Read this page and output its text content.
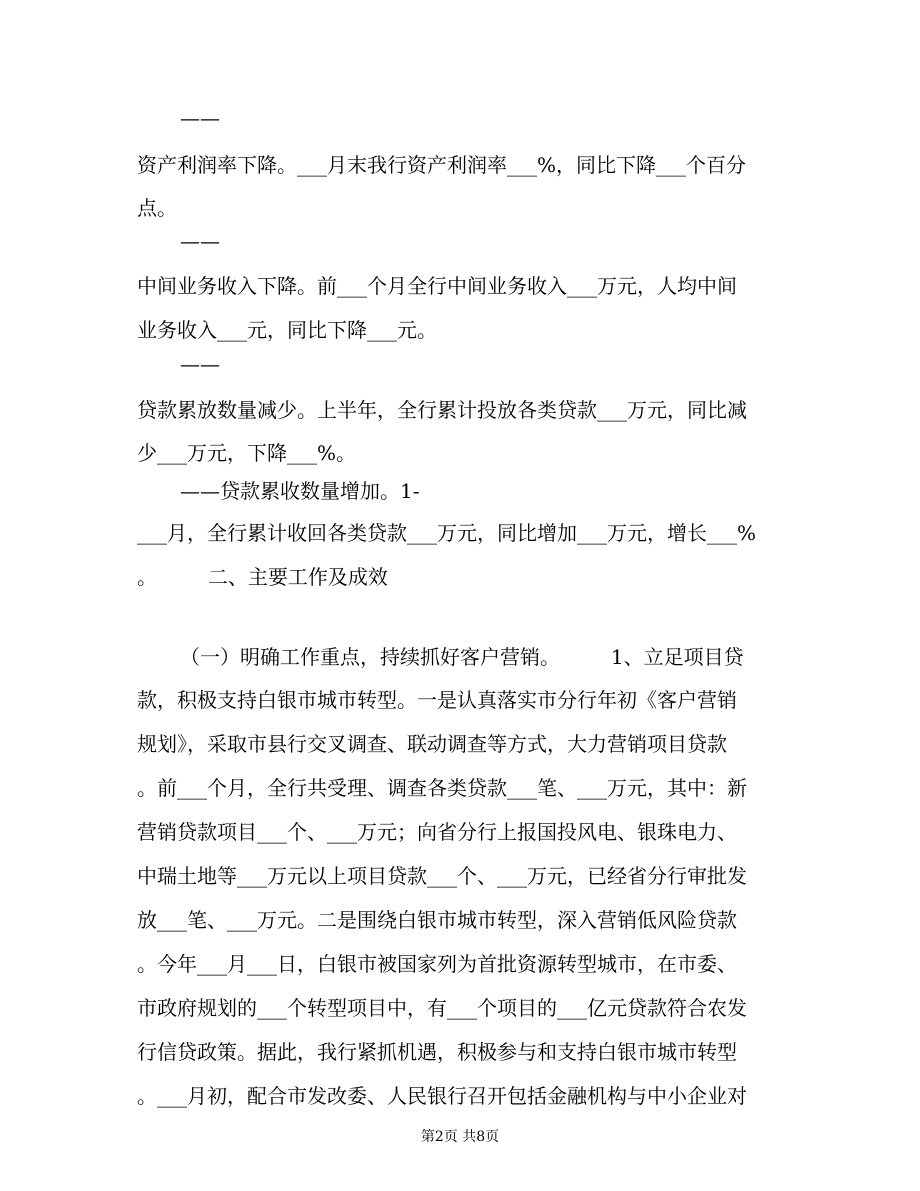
——
资产利润率下降。___月末我行资产利润率___%，同比下降___个百分
点。
——
中间业务收入下降。前___个月全行中间业务收入___万元，人均中间
业务收入___元，同比下降___元。
——
贷款累放数量减少。上半年，全行累计投放各类贷款___万元，同比减
少___万元，下降___%。
——贷款累收数量增加。1-
___月，全行累计收回各类贷款___万元，同比增加___万元，增长___%
。        二、主要工作及成效
（一）明确工作重点，持续抓好客户营销。        1、立足项目贷
款，积极支持白银市城市转型。一是认真落实市分行年初《客户营销
规划》，采取市县行交叉调查、联动调查等方式，大力营销项目贷款
。前___个月，全行共受理、调查各类贷款___笔、___万元，其中：新
营销贷款项目___个、___万元；向省分行上报国投风电、银珠电力、
中瑞土地等___万元以上项目贷款___个、___万元，已经省分行审批发
放___笔、___万元。二是围绕白银市城市转型，深入营销低风险贷款
。今年___月___日，白银市被国家列为首批资源转型城市，在市委、
市政府规划的___个转型项目中，有___个项目的___亿元贷款符合农发
行信贷政策。据此，我行紧抓机遇，积极参与和支持白银市城市转型
。___月初，配合市发改委、人民银行召开包括金融机构与中小企业对
第2页 共8页
